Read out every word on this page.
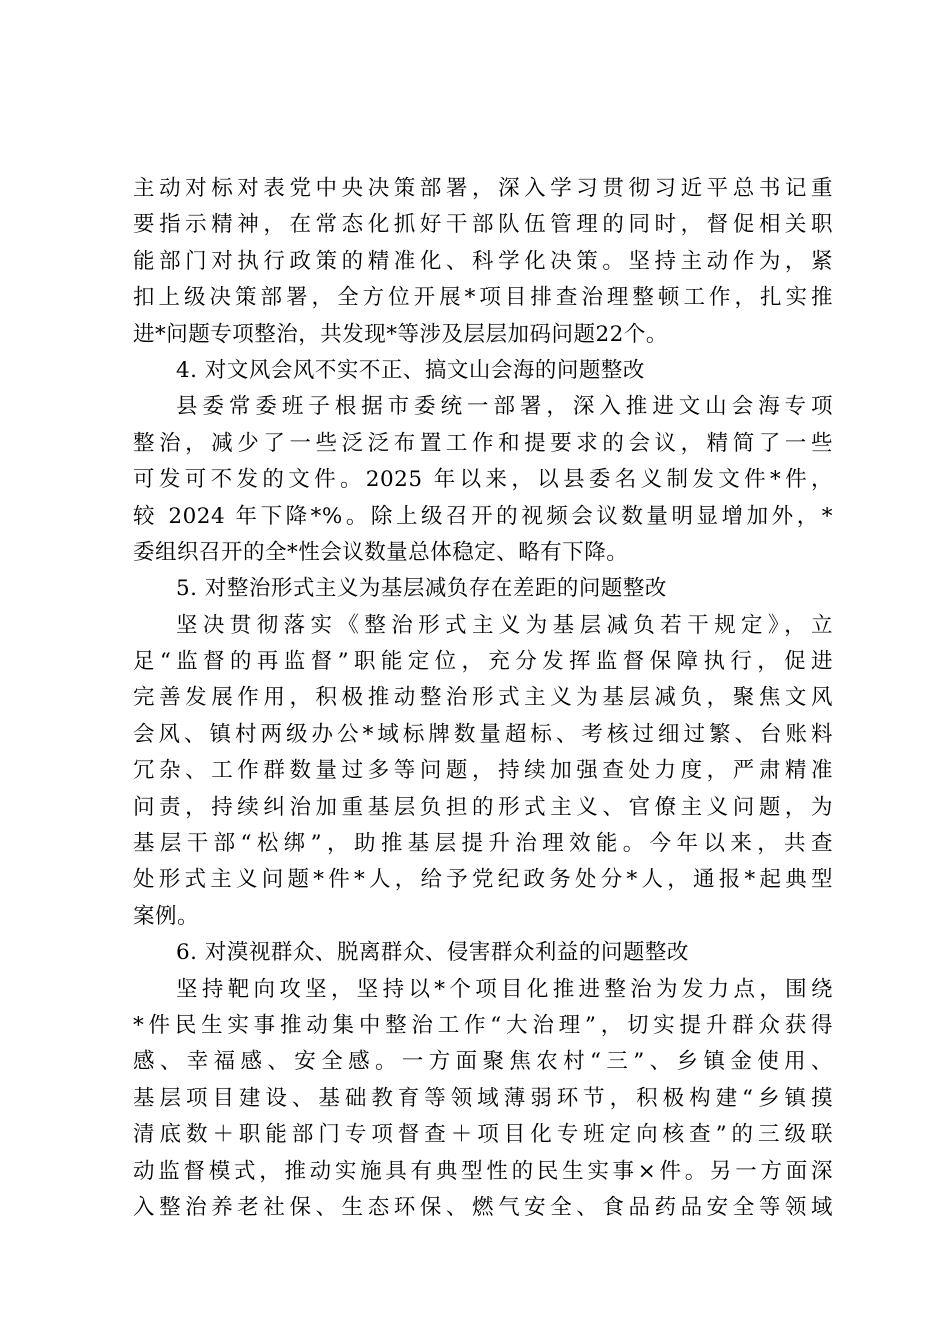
主动对标对表党中央决策部署，深入学习贯彻习近平总书记重
要指示精神，在常态化抓好干部队伍管理的同时，督促相关职
能部门对执行政策的精准化、科学化决策。坚持主动作为，紧
扣上级决策部署，全方位开展*项目排查治理整顿工作，扎实推
进*问题专项整治，共发现*等涉及层层加码问题22个。
4. 对文风会风不实不正、搞文山会海的问题整改
县委常委班子根据市委统一部署，深入推进文山会海专项
整治，减少了一些泛泛布置工作和提要求的会议，精简了一些
可发可不发的文件。2025 年以来，以县委名义制发文件*件，
较 2024 年下降*%。除上级召开的视频会议数量明显增加外，*
委组织召开的全*性会议数量总体稳定、略有下降。
5. 对整治形式主义为基层减负存在差距的问题整改
坚决贯彻落实《整治形式主义为基层减负若干规定》，立
足“监督的再监督”职能定位，充分发挥监督保障执行，促进
完善发展作用，积极推动整治形式主义为基层减负，聚焦文风
会风、镇村两级办公*域标牌数量超标、考核过细过繁、台账料
冗杂、工作群数量过多等问题，持续加强查处力度，严肃精准
问责，持续纠治加重基层负担的形式主义、官僚主义问题，为
基层干部“松绑”，助推基层提升治理效能。今年以来，共查
处形式主义问题*件*人，给予党纪政务处分*人，通报*起典型
案例。
6. 对漠视群众、脱离群众、侵害群众利益的问题整改
坚持靶向攻坚，坚持以*个项目化推进整治为发力点，围绕
*件民生实事推动集中整治工作“大治理”，切实提升群众获得
感、幸福感、安全感。一方面聚焦农村“三”、乡镇金使用、
基层项目建设、基础教育等领域薄弱环节，积极构建“乡镇摸
清底数＋职能部门专项督查＋项目化专班定向核查”的三级联
动监督模式，推动实施具有典型性的民生实事×件。另一方面深
入整治养老社保、生态环保、燃气安全、食品药品安全等领域
